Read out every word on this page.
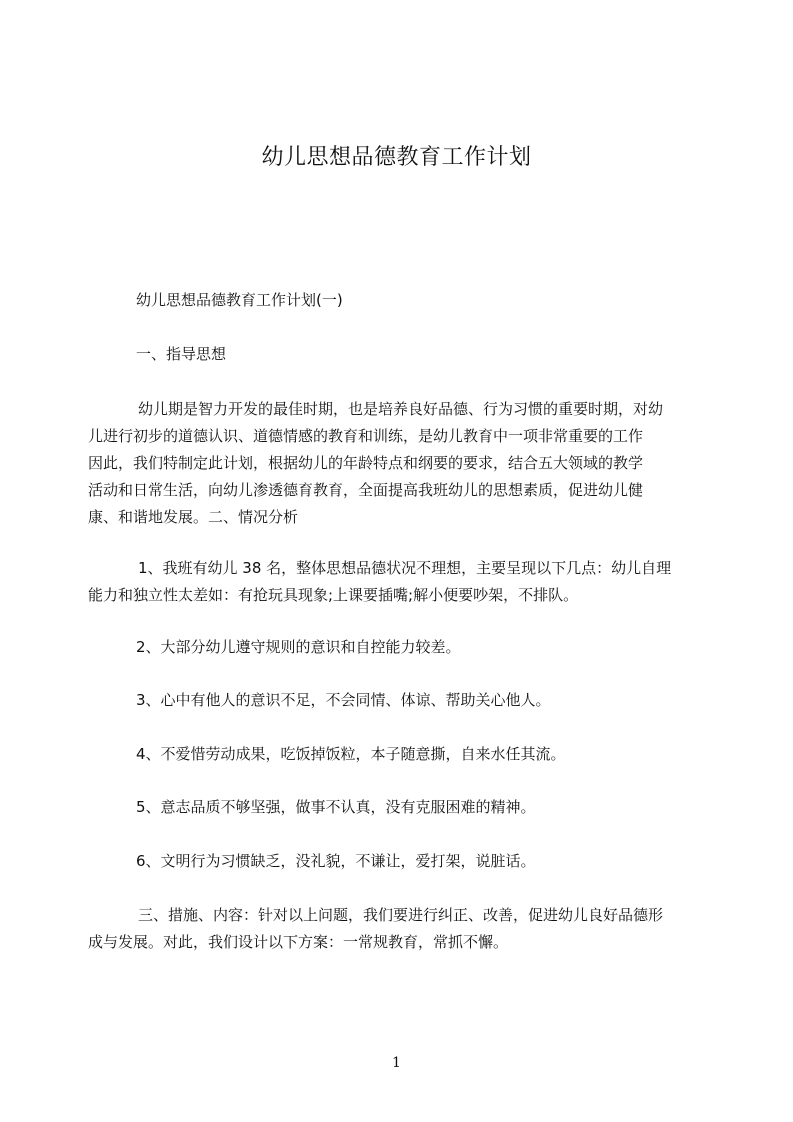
幼儿思想品德教育工作计划
幼儿思想品德教育工作计划(一)
一、指导思想
幼儿期是智力开发的最佳时期，也是培养良好品德、行为习惯的重要时期，对幼
儿进行初步的道德认识、道德情感的教育和训练，是幼儿教育中一项非常重要的工作
因此，我们特制定此计划，根据幼儿的年龄特点和纲要的要求，结合五大领域的教学
活动和日常生活，向幼儿渗透德育教育，全面提高我班幼儿的思想素质，促进幼儿健
康、和谐地发展。二、情况分析
1、我班有幼儿 38 名，整体思想品德状况不理想，主要呈现以下几点：幼儿自理
能力和独立性太差如：有抢玩具现象;上课要插嘴;解小便要吵架，不排队。
2、大部分幼儿遵守规则的意识和自控能力较差。
3、心中有他人的意识不足，不会同情、体谅、帮助关心他人。
4、不爱惜劳动成果，吃饭掉饭粒，本子随意撕，自来水任其流。
5、意志品质不够坚强，做事不认真，没有克服困难的精神。
6、文明行为习惯缺乏，没礼貌，不谦让，爱打架，说脏话。
三、措施、内容：针对以上问题，我们要进行纠正、改善，促进幼儿良好品德形
成与发展。对此，我们设计以下方案：一常规教育，常抓不懈。
1
